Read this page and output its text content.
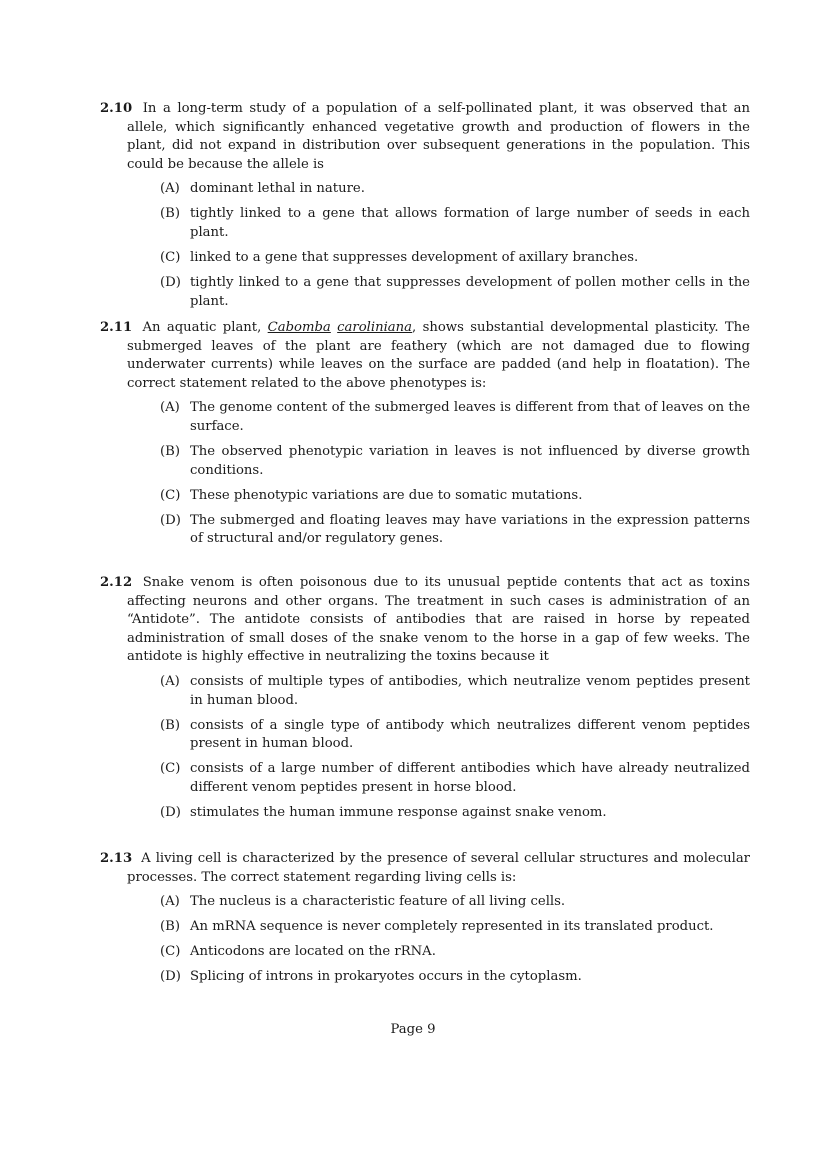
2.10 In a long-term study of a population of a self-pollinated plant, it was observed that an allele, which significantly enhanced vegetative growth and production of flowers in the plant, did not expand in distribution over subsequent generations in the population. This could be because the allele is
(A) dominant lethal in nature.
(B) tightly linked to a gene that allows formation of large number of seeds in each plant.
(C) linked to a gene that suppresses development of axillary branches.
(D) tightly linked to a gene that suppresses development of pollen mother cells in the plant.
2.11 An aquatic plant, Cabomba caroliniana, shows substantial developmental plasticity. The submerged leaves of the plant are feathery (which are not damaged due to flowing underwater currents) while leaves on the surface are padded (and help in floatation). The correct statement related to the above phenotypes is:
(A) The genome content of the submerged leaves is different from that of leaves on the surface.
(B) The observed phenotypic variation in leaves is not influenced by diverse growth conditions.
(C) These phenotypic variations are due to somatic mutations.
(D) The submerged and floating leaves may have variations in the expression patterns of structural and/or regulatory genes.
2.12 Snake venom is often poisonous due to its unusual peptide contents that act as toxins affecting neurons and other organs. The treatment in such cases is administration of an “Antidote”. The antidote consists of antibodies that are raised in horse by repeated administration of small doses of the snake venom to the horse in a gap of few weeks. The antidote is highly effective in neutralizing the toxins because it
(A) consists of multiple types of antibodies, which neutralize venom peptides present in human blood.
(B) consists of a single type of antibody which neutralizes different venom peptides present in human blood.
(C) consists of a large number of different antibodies which have already neutralized different venom peptides present in horse blood.
(D) stimulates the human immune response against snake venom.
2.13 A living cell is characterized by the presence of several cellular structures and molecular processes. The correct statement regarding living cells is:
(A) The nucleus is a characteristic feature of all living cells.
(B) An mRNA sequence is never completely represented in its translated product.
(C) Anticodons are located on the rRNA.
(D) Splicing of introns in prokaryotes occurs in the cytoplasm.
Page 9
